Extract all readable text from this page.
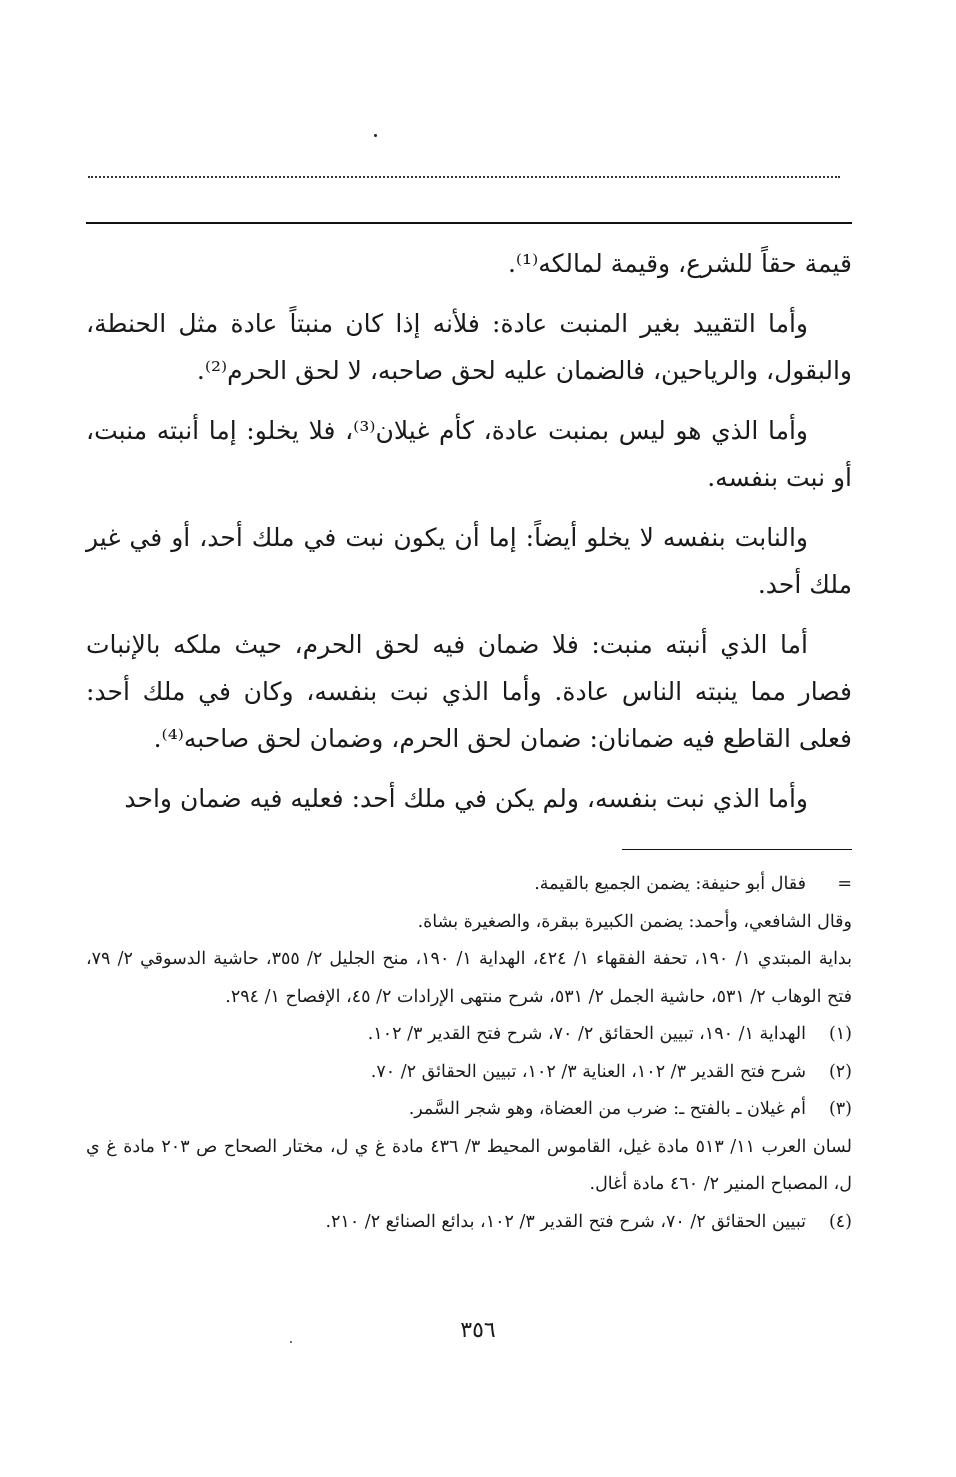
قيمة حقاً للشرع، وقيمة لمالكه⁽¹⁾.

وأما التقييد بغير المنبت عادة: فلأنه إذا كان منبتاً عادة مثل الحنطة، والبقول، والرياحين، فالضمان عليه لحق صاحبه، لا لحق الحرم⁽²⁾.

وأما الذي هو ليس بمنبت عادة، كأم غيلان⁽³⁾، فلا يخلو: إما أنبته منبت، أو نبت بنفسه.

والنابت بنفسه لا يخلو أيضاً: إما أن يكون نبت في ملك أحد، أو في غير ملك أحد.

أما الذي أنبته منبت: فلا ضمان فيه لحق الحرم، حيث ملكه بالإنبات فصار مما ينبته الناس عادة. وأما الذي نبت بنفسه، وكان في ملك أحد: فعلى القاطع فيه ضمانان: ضمان لحق الحرم، وضمان لحق صاحبه⁽⁴⁾.

وأما الذي نبت بنفسه، ولم يكن في ملك أحد: فعليه فيه ضمان واحد

=
فقال أبو حنيفة: يضمن الجميع بالقيمة.

وقال الشافعي، وأحمد: يضمن الكبيرة ببقرة، والصغيرة بشاة.

بداية المبتدي ١/ ١٩٠، تحفة الفقهاء ١/ ٤٢٤، الهداية ١/ ١٩٠، منح الجليل ٢/ ٣٥٥، حاشية الدسوقي ٢/ ٧٩، فتح الوهاب ٢/ ٥٣١، حاشية الجمل ٢/ ٥٣١، شرح منتهى الإرادات ٢/ ٤٥، الإفصاح ١/ ٢٩٤.

(١)
الهداية ١/ ١٩٠، تبيين الحقائق ٢/ ٧٠، شرح فتح القدير ٣/ ١٠٢.
(٢)
شرح فتح القدير ٣/ ١٠٢، العناية ٣/ ١٠٢، تبيين الحقائق ٢/ ٧٠.
(٣)
أم غيلان ـ بالفتح ـ: ضرب من العضاة، وهو شجر السَّمر.

لسان العرب ١١/ ٥١٣ مادة غيل، القاموس المحيط ٣/ ٤٣٦ مادة غ ي ل، مختار الصحاح ص ٢٠٣ مادة غ ي ل، المصباح المنير ٢/ ٤٦٠ مادة أغال.

(٤)
تبيين الحقائق ٢/ ٧٠، شرح فتح القدير ٣/ ١٠٢، بدائع الصنائع ٢/ ٢١٠.
٣٥٦
